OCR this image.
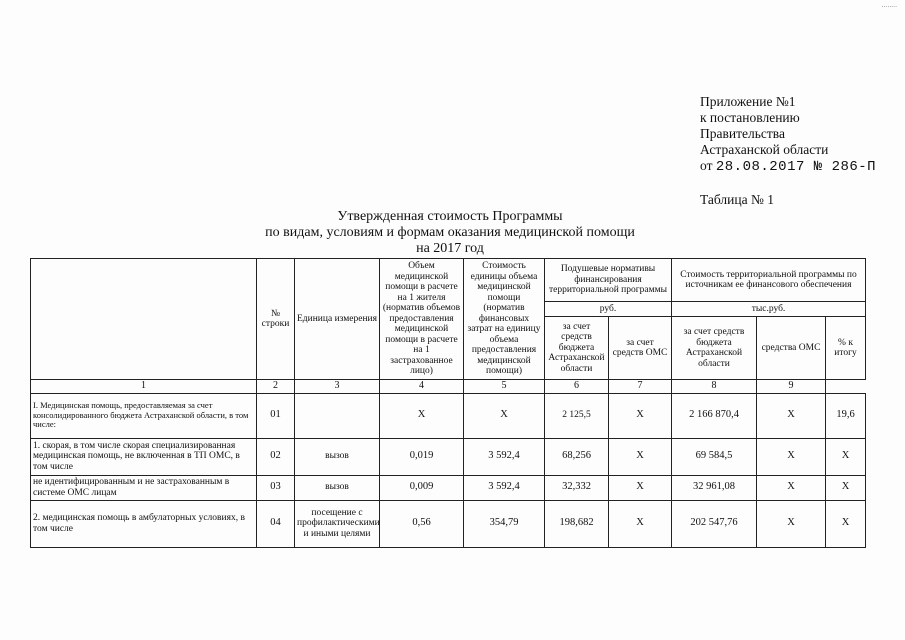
........
Приложение №1
к постановлению
Правительства
Астраханской области
от 28.08.2017 № 286-П
Таблица № 1
Утвержденная стоимость Программы
по видам, условиям и формам оказания медицинской помощи
на 2017 год
	№ строки	Единица измерения	Объем медицинской помощи в расчете на 1 жителя (норматив объемов предоставления медицинской помощи в расчете на 1 застрахованное лицо)	Стоимость единицы объема медицинской помощи (норматив финансовых затрат на единицу объема предоставления медицинской помощи)	Подушевые нормативы финансирования территориальной программы		Стоимость территориальной программы по источникам ее финансового обеспечения		
					руб.		тыс.руб.		
					за счет средств бюджета Астраханской области	за счет средств ОМС	за счет средств бюджета Астраханской области	средства ОМС	% к итогу
1	2	3	4	5	6	7	8	9	
I. Медицинская помощь, предоставляемая за счет консолидированного бюджета Астраханской области, в том числе:	01		Х	Х	2 125,5	Х	2 166 870,4	Х	19,6
1. скорая, в том числе скорая специализированная медицинская помощь, не включенная в ТП ОМС, в том числе	02	вызов	0,019	3 592,4	68,256	Х	69 584,5	Х	Х
не идентифицированным и не застрахованным в системе ОМС лицам	03	вызов	0,009	3 592,4	32,332	Х	32 961,08	Х	Х
2. медицинская помощь в амбулаторных условиях, в том числе	04	посещение с профилактическими и иными целями	0,56	354,79	198,682	Х	202 547,76	Х	Х
